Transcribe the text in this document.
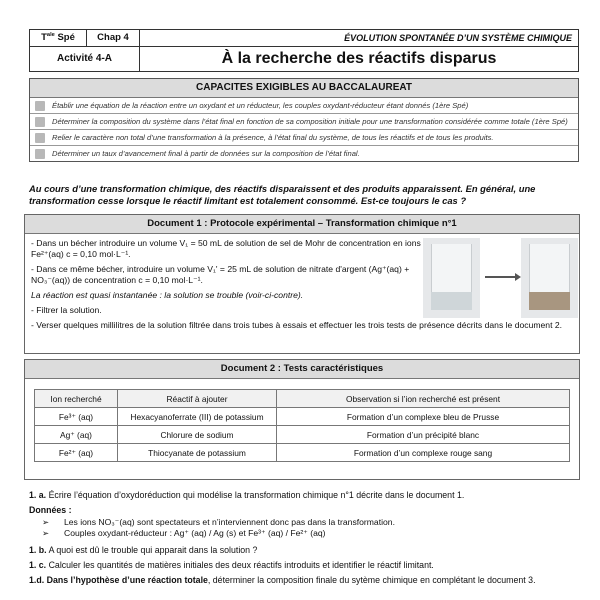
$T^{ale}$ Spé	Chap 4	ÉVOLUTION SPONTANÉE D’UN SYSTÈME CHIMIQUE
Activité 4-A	À la recherche des réactifs disparus
CAPACITES EXIGIBLES AU BACCALAUREAT
Établir une équation de la réaction entre un oxydant et un réducteur, les couples oxydant-réducteur étant donnés (1ère Spé)
Déterminer la composition du système dans l’état final en fonction de sa composition initiale pour une transformation considérée comme totale (1ère Spé)
Relier le caractère non total d’une transformation à la présence, à l’état final du système, de tous les réactifs et de tous les produits.
Déterminer un taux d’avancement final à partir de données sur la composition de l’état final.
Au cours d’une transformation chimique, des réactifs disparaissent et des produits apparaissent. En général, une transformation cesse lorsque le réactif limitant est totalement consommé. Est-ce toujours le cas ?
Document 1 : Protocole expérimental – Transformation chimique n°1

- Dans un bécher introduire un volume V₁ = 50 mL de solution de sel de Mohr de concentration en ions Fe²⁺(aq) c = 0,10 mol·L⁻¹.

- Dans ce même bécher, introduire un volume V₁' = 25 mL de solution de nitrate d'argent (Ag⁺(aq) + NO₃⁻(aq)) de concentration c = 0,10 mol·L⁻¹.

La réaction est quasi instantanée : la solution se trouble (voir-ci-contre).

- Filtrer la solution.

- Verser quelques millilitres de la solution filtrée dans trois tubes à essais et effectuer les trois tests de présence décrits dans le document 2.

Document 2 : Tests caractéristiques
Ion recherché	Réactif à ajouter	Observation si l’ion recherché est présent
Fe³⁺ (aq)	Hexacyanoferrate (III) de potassium	Formation d’un complexe bleu de Prusse
Ag⁺ (aq)	Chlorure de sodium	Formation d’un précipité blanc
Fe²⁺ (aq)	Thiocyanate de potassium	Formation d’un complexe rouge sang
1. a. Écrire l’équation d’oxydoréduction qui modélise la transformation chimique n°1 décrite dans le document 1.
Données :
➢ Les ions NO₃⁻(aq) sont spectateurs et n’interviennent donc pas dans la transformation.
➢ Couples oxydant-réducteur : Ag⁺ (aq) / Ag (s) et Fe³⁺ (aq) / Fe²⁺ (aq)
1. b. A quoi est dû le trouble qui apparait dans la solution ?
1. c. Calculer les quantités de matières initiales des deux réactifs introduits et identifier le réactif limitant.
1.d. Dans l’hypothèse d’une réaction totale, déterminer la composition finale du sytème chimique en complétant le document 3.
